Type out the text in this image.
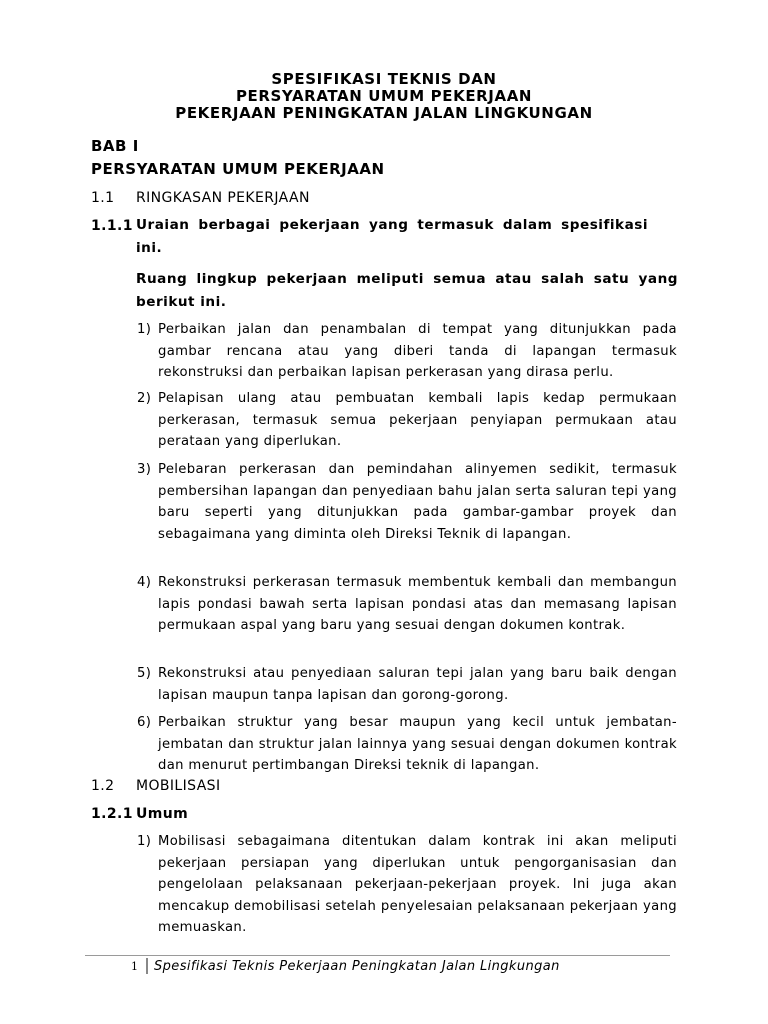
SPESIFIKASI TEKNIS DAN
PERSYARATAN UMUM PEKERJAAN
PEKERJAAN PENINGKATAN JALAN LINGKUNGAN
BAB I
PERSYARATAN UMUM PEKERJAAN
1.1 RINGKASAN PEKERJAAN
1.1.1 Uraian berbagai pekerjaan yang termasuk dalam spesifikasi ini.
Ruang lingkup pekerjaan meliputi semua atau salah satu yang berikut ini.
1) Perbaikan jalan dan penambalan di tempat yang ditunjukkan pada gambar rencana atau yang diberi tanda di lapangan termasuk rekonstruksi dan perbaikan lapisan perkerasan yang dirasa perlu.
2) Pelapisan ulang atau pembuatan kembali lapis kedap permukaan perkerasan, termasuk semua pekerjaan penyiapan permukaan atau perataan yang diperlukan.
3) Pelebaran perkerasan dan pemindahan alinyemen sedikit, termasuk pembersihan lapangan dan penyediaan bahu jalan serta saluran tepi yang baru seperti yang ditunjukkan pada gambar-gambar proyek dan sebagaimana yang diminta oleh Direksi Teknik di lapangan.
4) Rekonstruksi perkerasan termasuk membentuk kembali dan membangun lapis pondasi bawah serta lapisan pondasi atas dan memasang lapisan permukaan aspal yang baru yang sesuai dengan dokumen kontrak.
5) Rekonstruksi atau penyediaan saluran tepi jalan yang baru baik dengan lapisan maupun tanpa lapisan dan gorong-gorong.
6) Perbaikan struktur yang besar maupun yang kecil untuk jembatan-jembatan dan struktur jalan lainnya yang sesuai dengan dokumen kontrak dan menurut pertimbangan Direksi teknik di lapangan.
1.2 MOBILISASI
1.2.1 Umum
1) Mobilisasi sebagaimana ditentukan dalam kontrak ini akan meliputi pekerjaan persiapan yang diperlukan untuk pengorganisasian dan pengelolaan pelaksanaan pekerjaan-pekerjaan proyek. Ini juga akan mencakup demobilisasi setelah penyelesaian pelaksanaan pekerjaan yang memuaskan.
1 Spesifikasi Teknis Pekerjaan Peningkatan Jalan Lingkungan
